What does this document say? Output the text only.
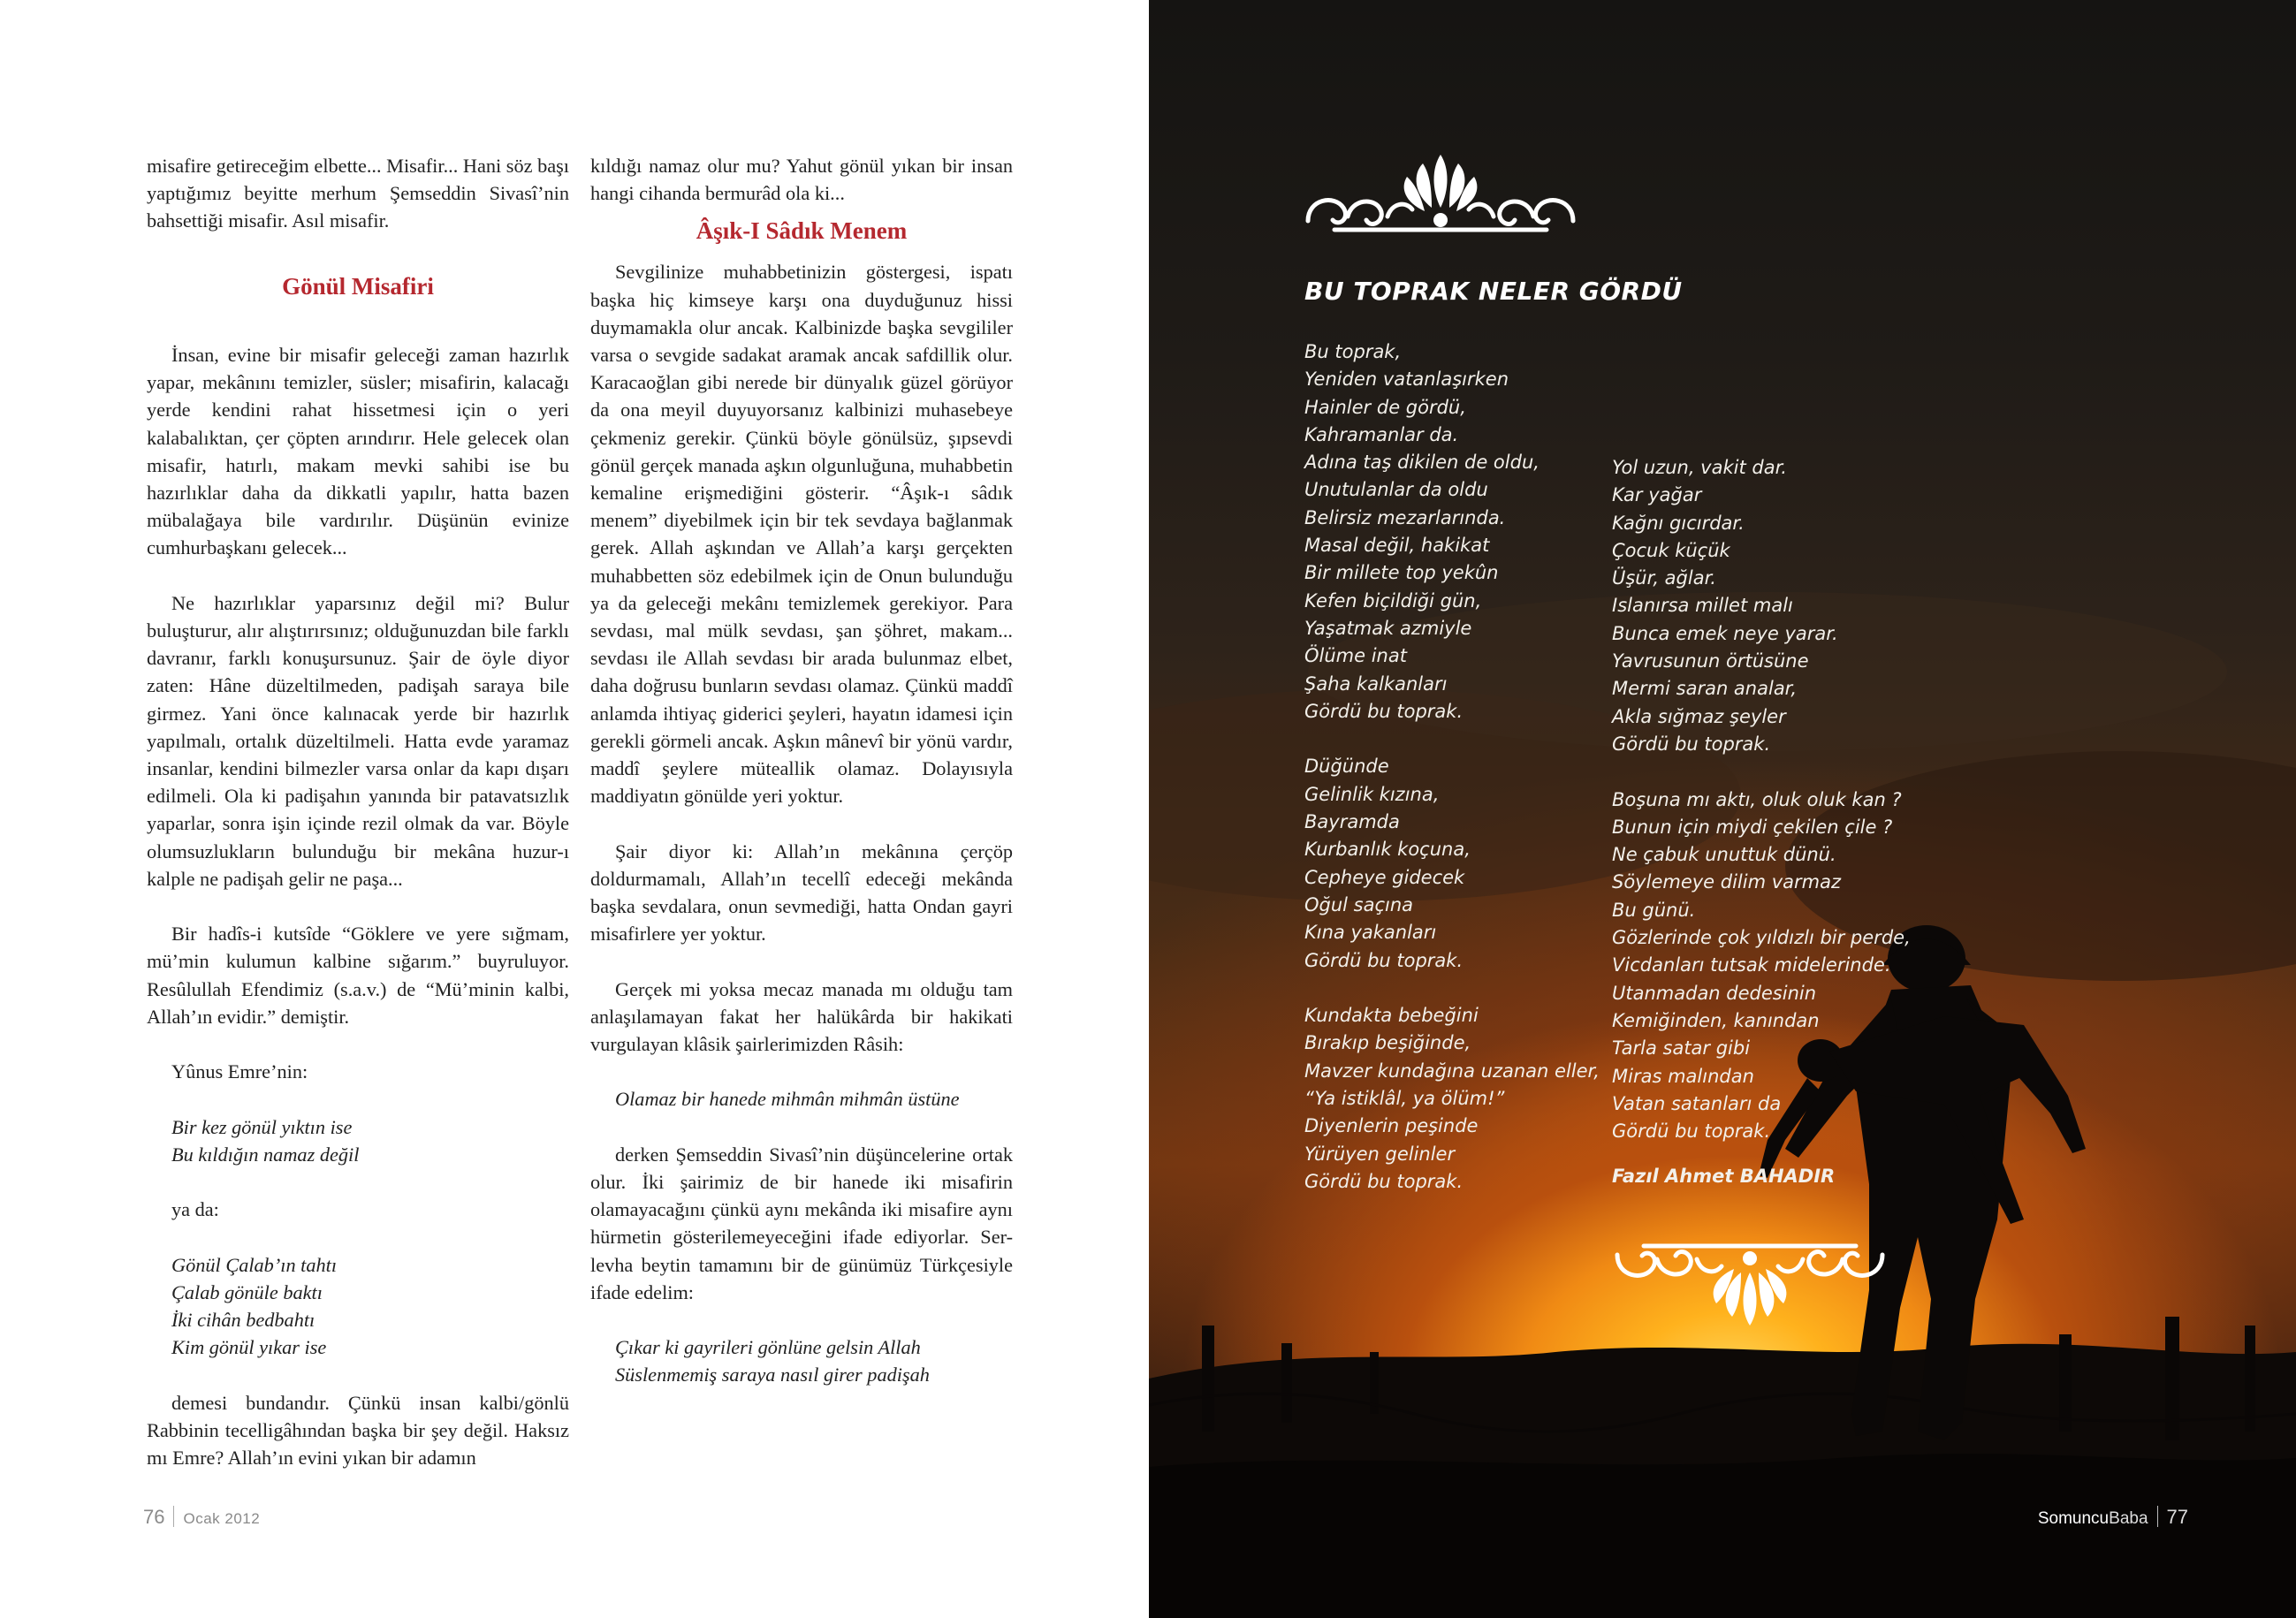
misafire getireceğim elbette... Misafir... Hani söz başı yaptığımız beyitte merhum Şemseddin Sivasî’nin bahsettiği misafir. Asıl misafir.

Gönül Misafiri

İnsan, evine bir misafir geleceği zaman hazırlık yapar, mekânını temizler, süsler; misafirin, kalacağı yerde kendini rahat hissetmesi için o yeri kalabalıktan, çer çöpten arındırır. Hele gelecek olan misafir, hatırlı, makam mevki sahibi ise bu hazırlıklar daha da dikkatli yapılır, hatta bazen mübalağaya bile vardırılır. Düşünün evinize cumhurbaşkanı gelecek...

Ne hazırlıklar yaparsınız değil mi? Bulur buluşturur, alır alıştırırsınız; olduğunuzdan bile farklı davranır, farklı konuşursunuz. Şair de öyle diyor zaten: Hâne düzeltilmeden, padişah saraya bile girmez. Yani önce kalınacak yerde bir hazırlık yapılmalı, ortalık düzeltilmeli. Hatta evde yaramaz insanlar, kendini bilmezler varsa onlar da kapı dışarı edilmeli. Ola ki padişahın yanında bir patavatsızlık yaparlar, sonra işin içinde rezil olmak da var. Böyle olumsuzlukların bulunduğu bir mekâna huzur-ı kalple ne padişah gelir ne paşa...

Bir hadîs-i kutsîde “Göklere ve yere sığmam, mü’min kulumun kalbine sığarım.” buyruluyor. Resûlullah Efendimiz (s.a.v.) de “Mü’minin kalbi, Allah’ın evidir.” demiştir.

Yûnus Emre’nin:

Bir kez gönül yıktın ise

Bu kıldığın namaz değil

ya da:

Gönül Çalab’ın tahtı

Çalab gönüle baktı

İki cihân bedbahtı

Kim gönül yıkar ise

demesi bundandır. Çünkü insan kalbi/gönlü Rabbinin tecelligâhından başka bir şey değil. Haksız mı Emre? Allah’ın evini yıkan bir adamın

kıldığı namaz olur mu? Yahut gönül yıkan bir insan hangi cihanda bermurâd ola ki...

Âşık-I Sâdık Menem

Sevgilinize muhabbetinizin göstergesi, ispatı başka hiç kimseye karşı ona duyduğunuz hissi duymamakla olur ancak. Kalbinizde başka sevgililer varsa o sevgide sadakat aramak ancak safdillik olur. Karacaoğlan gibi nerede bir dünyalık güzel görüyor da ona meyil duyuyorsanız kalbinizi muhasebeye çekmeniz gerekir. Çünkü böyle gönülsüz, şıpsevdi gönül gerçek manada aşkın olgunluğuna, muhabbetin kemaline erişmediğini gösterir. “Âşık-ı sâdık menem” diyebilmek için bir tek sevdaya bağlanmak gerek. Allah aşkından ve Allah’a karşı gerçekten muhabbetten söz edebilmek için de Onun bulunduğu ya da geleceği mekânı temizlemek gerekiyor. Para sevdası, mal mülk sevdası, şan şöhret, makam... sevdası ile Allah sevdası bir arada bulunmaz elbet, daha doğrusu bunların sevdası olamaz. Çünkü maddî anlamda ihtiyaç giderici şeyleri, hayatın idamesi için gerekli görmeli ancak. Aşkın mânevî bir yönü vardır, maddî şeylere müteallik olamaz. Dolayısıyla maddiyatın gönülde yeri yoktur.

Şair diyor ki: Allah’ın mekânına çerçöp doldurmamalı, Allah’ın tecellî edeceği mekânda başka sevdalara, onun sevmediği, hatta Ondan gayri misafirlere yer yoktur.

Gerçek mi yoksa mecaz manada mı olduğu tam anlaşılamayan fakat her halükârda bir hakikati vurgulayan klâsik şairlerimizden Râsih:

Olamaz bir hanede mihmân mihmân üstüne

derken Şemseddin Sivasî’nin düşüncelerine ortak olur. İki şairimiz de bir hanede iki misafirin olamayacağını çünkü aynı mekânda iki misafire aynı hürmetin gösterilemeyeceğini ifade ediyorlar. Ser-levha beytin tamamını bir de günümüz Türkçesiyle ifade edelim:

Çıkar ki gayrileri gönlüne gelsin Allah

Süslenmemiş saraya nasıl girer padişah

76 Ocak 2012
BU TOPRAK NELER GÖRDÜ
Bu toprak,
Yeniden vatanlaşırken
Hainler de gördü,
Kahramanlar da.
Adına taş dikilen de oldu,
Unutulanlar da oldu
Belirsiz mezarlarında.
Masal değil, hakikat
Bir millete top yekûn
Kefen biçildiği gün,
Yaşatmak azmiyle
Ölüme inat
Şaha kalkanları
Gördü bu toprak.
Düğünde
Gelinlik kızına,
Bayramda
Kurbanlık koçuna,
Cepheye gidecek
Oğul saçına
Kına yakanları
Gördü bu toprak.
Kundakta bebeğini
Bırakıp beşiğinde,
Mavzer kundağına uzanan eller,
“Ya istiklâl, ya ölüm!”
Diyenlerin peşinde
Yürüyen gelinler
Gördü bu toprak.
Yol uzun, vakit dar.
Kar yağar
Kağnı gıcırdar.
Çocuk küçük
Üşür, ağlar.
Islanırsa millet malı
Bunca emek neye yarar.
Yavrusunun örtüsüne
Mermi saran analar,
Akla sığmaz şeyler
Gördü bu toprak.
Boşuna mı aktı, oluk oluk kan ?
Bunun için miydi çekilen çile ?
Ne çabuk unuttuk dünü.
Söylemeye dilim varmaz
Bu günü.
Gözlerinde çok yıldızlı bir perde,
Vicdanları tutsak midelerinde.
Utanmadan dedesinin
Kemiğinden, kanından
Tarla satar gibi
Miras malından
Vatan satanları da
Gördü bu toprak.
Fazıl Ahmet BAHADIR
SomuncuBaba 77
